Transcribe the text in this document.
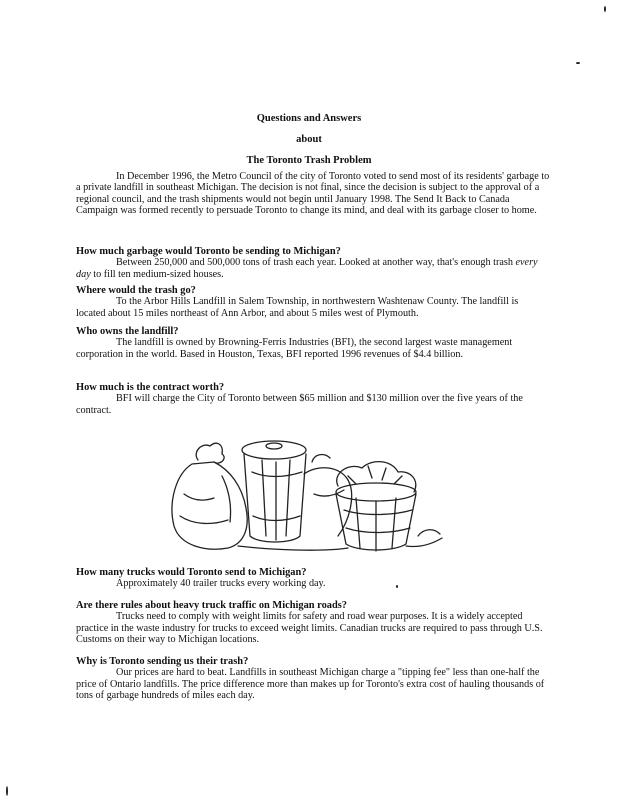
Questions and Answers
about
The Toronto Trash Problem

In December 1996, the Metro Council of the city of Toronto voted to send most of its residents' garbage to a private landfill in southeast Michigan. The decision is not final, since the decision is subject to the approval of a regional council, and the trash shipments would not begin until January 1998. The Send It Back to Canada Campaign was formed recently to persuade Toronto to change its mind, and deal with its garbage closer to home.

How much garbage would Toronto be sending to Michigan?
Between 250,000 and 500,000 tons of trash each year. Looked at another way, that's enough trash every day to fill ten medium-sized houses.
Where would the trash go?
To the Arbor Hills Landfill in Salem Township, in northwestern Washtenaw County. The landfill is located about 15 miles northeast of Ann Arbor, and about 5 miles west of Plymouth.
Who owns the landfill?
The landfill is owned by Browning-Ferris Industries (BFI), the second largest waste management corporation in the world. Based in Houston, Texas, BFI reported 1996 revenues of $4.4 billion.
How much is the contract worth?
BFI will charge the City of Toronto between $65 million and $130 million over the five years of the contract.
How many trucks would Toronto send to Michigan?
Approximately 40 trailer trucks every working day.
Are there rules about heavy truck traffic on Michigan roads?
Trucks need to comply with weight limits for safety and road wear purposes. It is a widely accepted practice in the waste industry for trucks to exceed weight limits. Canadian trucks are required to pass through U.S. Customs on their way to Michigan locations.
Why is Toronto sending us their trash?
Our prices are hard to beat. Landfills in southeast Michigan charge a "tipping fee" less than one-half the price of Ontario landfills. The price difference more than makes up for Toronto's extra cost of hauling thousands of tons of garbage hundreds of miles each day.
